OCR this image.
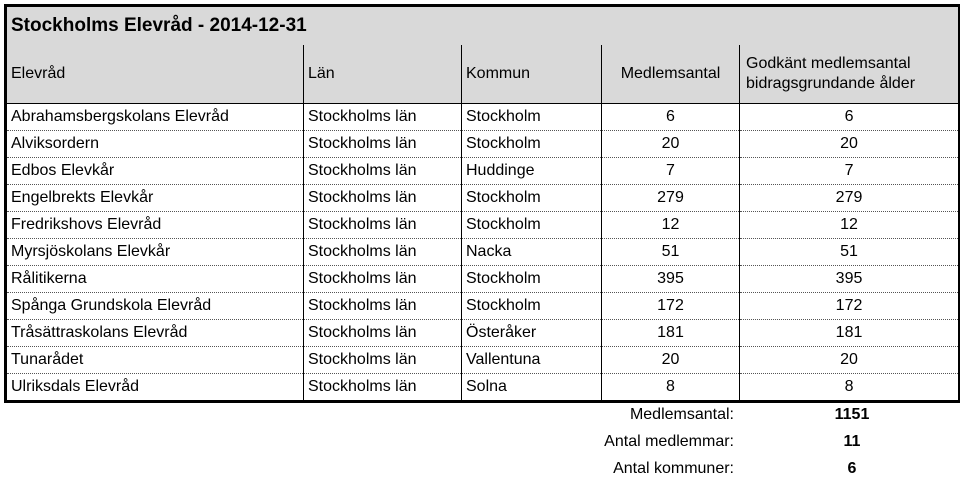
Stockholms Elevråd - 2014-12-31				
Elevråd	Län	Kommun	Medlemsantal	Godkänt medlemsantal
bidragsgrundande ålder

Abrahamsbergskolans Elevråd	Stockholms län	Stockholm	6	6
Alviksordern	Stockholms län	Stockholm	20	20
Edbos Elevkår	Stockholms län	Huddinge	7	7
Engelbrekts Elevkår	Stockholms län	Stockholm	279	279
Fredrikshovs Elevråd	Stockholms län	Stockholm	12	12
Myrsjöskolans Elevkår	Stockholms län	Nacka	51	51
Rålitikerna	Stockholms län	Stockholm	395	395
Spånga Grundskola Elevråd	Stockholms län	Stockholm	172	172
Tråsättraskolans Elevråd	Stockholms län	Österåker	181	181
Tunarådet	Stockholms län	Vallentuna	20	20
Ulriksdals Elevråd	Stockholms län	Solna	8	8
Medlemsantal:	1151
Antal medlemmar:	11
Antal kommuner:	6
